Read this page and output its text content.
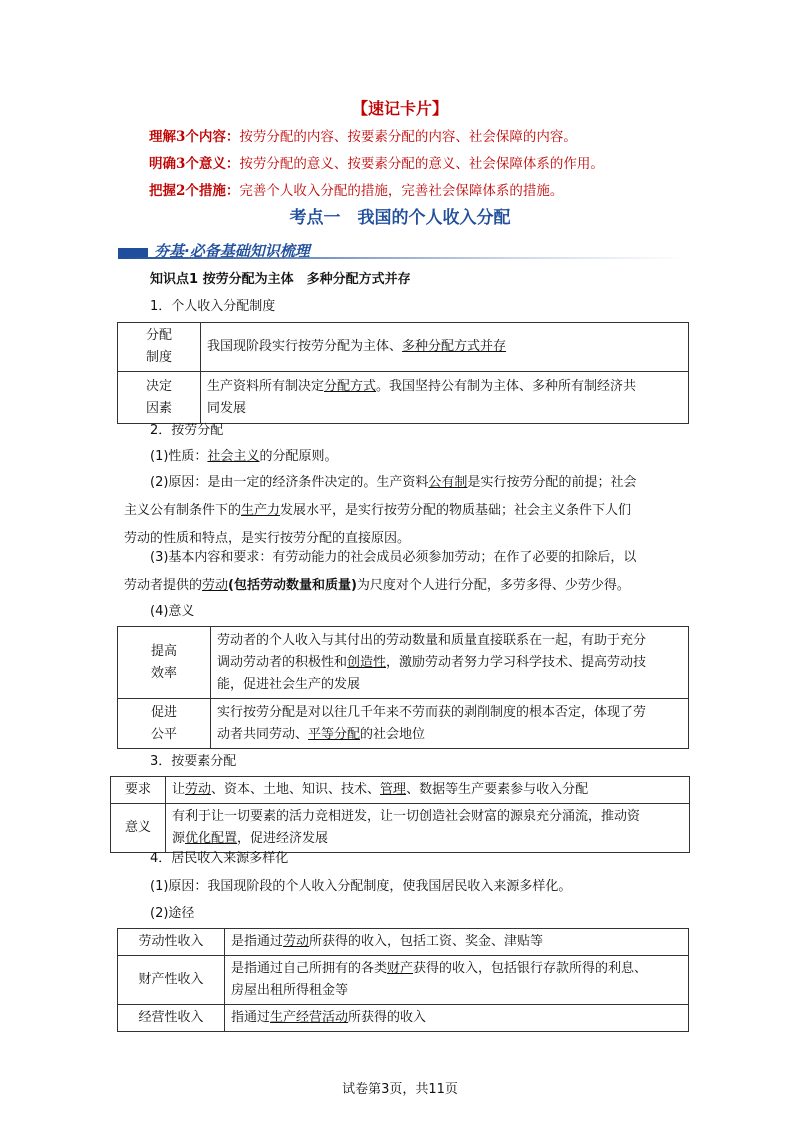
【速记卡片】
理解3个内容：按劳分配的内容、按要素分配的内容、社会保障的内容。
明确3个意义：按劳分配的意义、按要素分配的意义、社会保障体系的作用。
把握2个措施：完善个人收入分配的措施，完善社会保障体系的措施。
考点一　我国的个人收入分配
夯基·必备基础知识梳理
知识点1 按劳分配为主体　多种分配方式并存
1．个人收入分配制度
分配
制度	我国现阶段实行按劳分配为主体、多种分配方式并存
决定
因素	生产资料所有制决定分配方式。我国坚持公有制为主体、多种所有制经济共
同发展
2．按劳分配
(1)性质：社会主义的分配原则。
(2)原因：是由一定的经济条件决定的。生产资料公有制是实行按劳分配的前提；社会
主义公有制条件下的生产力发展水平，是实行按劳分配的物质基础；社会主义条件下人们
劳动的性质和特点，是实行按劳分配的直接原因。
(3)基本内容和要求：有劳动能力的社会成员必须参加劳动；在作了必要的扣除后，以
劳动者提供的劳动(包括劳动数量和质量)为尺度对个人进行分配，多劳多得、少劳少得。
(4)意义
提高
效率	劳动者的个人收入与其付出的劳动数量和质量直接联系在一起，有助于充分
调动劳动者的积极性和创造性，激励劳动者努力学习科学技术、提高劳动技
能，促进社会生产的发展
促进
公平	实行按劳分配是对以往几千年来不劳而获的剥削制度的根本否定，体现了劳
动者共同劳动、平等分配的社会地位
3．按要素分配
要求	让劳动、资本、土地、知识、技术、管理、数据等生产要素参与收入分配
意义	有利于让一切要素的活力竞相迸发，让一切创造社会财富的源泉充分涌流，推动资
源优化配置，促进经济发展
4．居民收入来源多样化
(1)原因：我国现阶段的个人收入分配制度，使我国居民收入来源多样化。
(2)途径
劳动性收入	是指通过劳动所获得的收入，包括工资、奖金、津贴等
财产性收入	是指通过自己所拥有的各类财产获得的收入，包括银行存款所得的利息、
房屋出租所得租金等
经营性收入	指通过生产经营活动所获得的收入
试卷第3页，共11页
